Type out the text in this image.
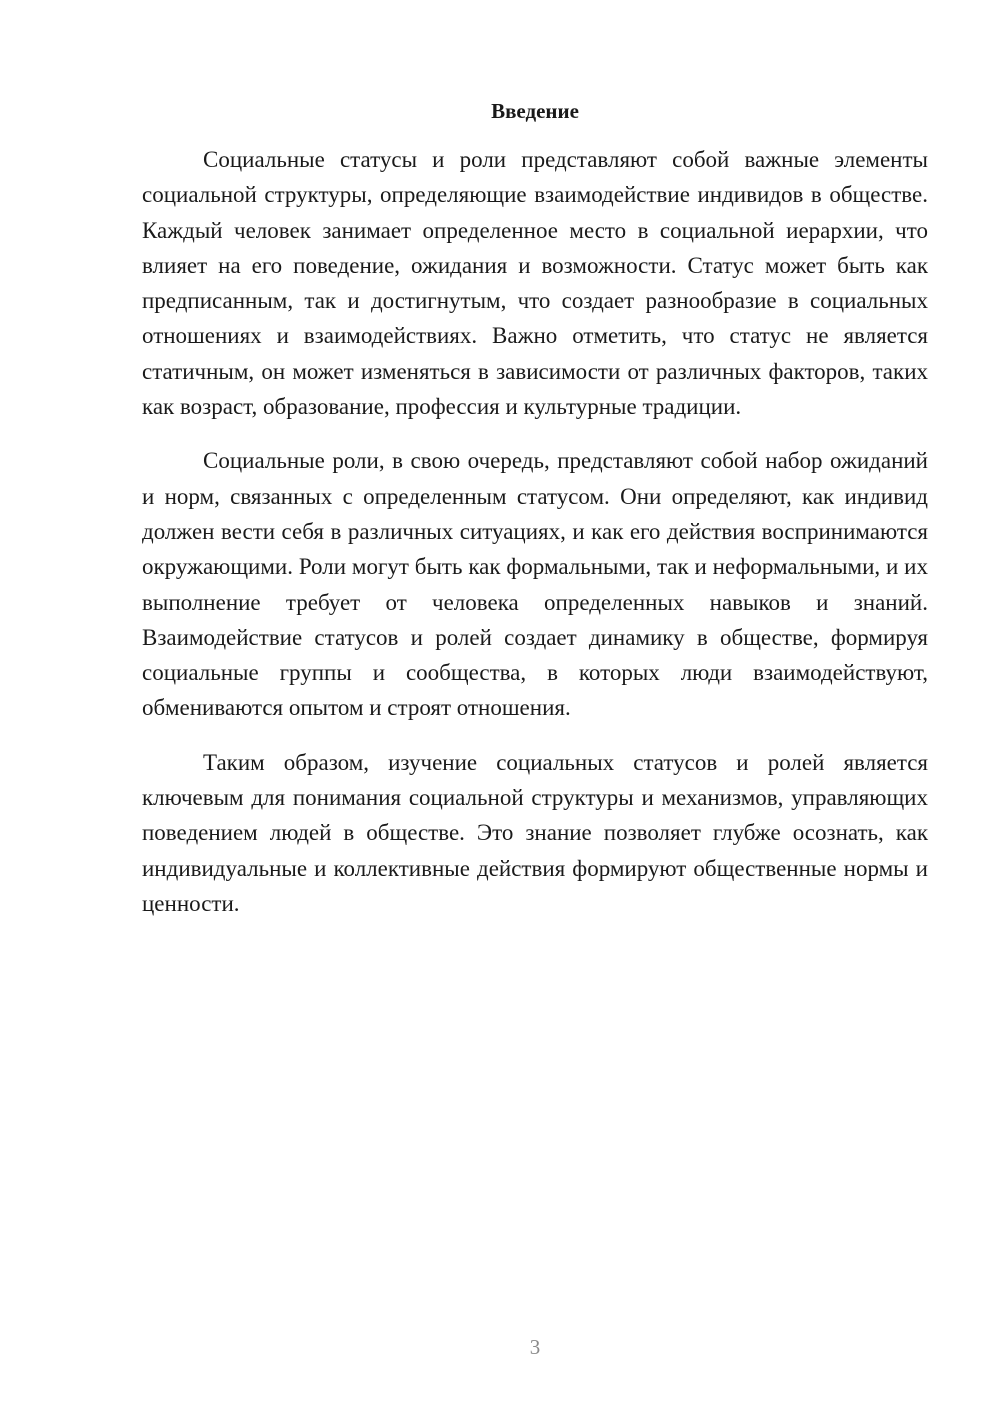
Введение

Социальные статусы и роли представляют собой важные элементы социальной структуры, определяющие взаимодействие индивидов в обществе. Каждый человек занимает определенное место в социальной иерархии, что влияет на его поведение, ожидания и возможности. Статус может быть как предписанным, так и достигнутым, что создает разнообразие в социальных отношениях и взаимодействиях. Важно отметить, что статус не является статичным, он может изменяться в зависимости от различных факторов, таких как возраст, образование, профессия и культурные традиции.

Социальные роли, в свою очередь, представляют собой набор ожиданий и норм, связанных с определенным статусом. Они определяют, как индивид должен вести себя в различных ситуациях, и как его действия воспринимаются окружающими. Роли могут быть как формальными, так и неформальными, и их выполнение требует от человека определенных навыков и знаний. Взаимодействие статусов и ролей создает динамику в обществе, формируя социальные группы и сообщества, в которых люди взаимодействуют, обмениваются опытом и строят отношения.

Таким образом, изучение социальных статусов и ролей является ключевым для понимания социальной структуры и механизмов, управляющих поведением людей в обществе. Это знание позволяет глубже осознать, как индивидуальные и коллективные действия формируют общественные нормы и ценности.

3
